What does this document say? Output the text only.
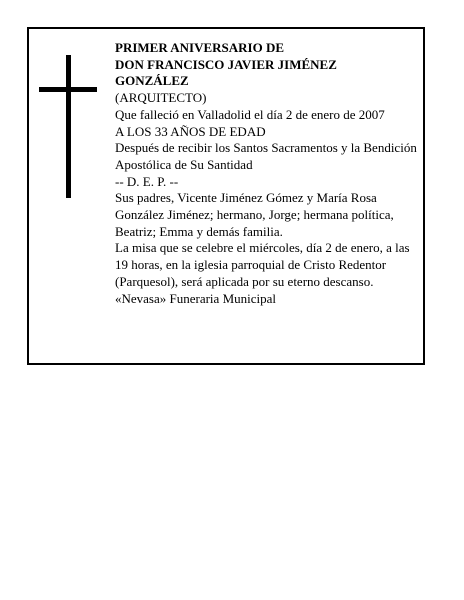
PRIMER ANIVERSARIO DE

DON FRANCISCO JAVIER JIMÉNEZ

GONZÁLEZ

(ARQUITECTO)

Que falleció en Valladolid el día 2 de enero de 2007

A LOS 33 AÑOS DE EDAD

Después de recibir los Santos Sacramentos y la Bendición Apostólica de Su Santidad

-- D. E. P. --

Sus padres, Vicente Jiménez Gómez y María Rosa González Jiménez; hermano, Jorge; hermana política, Beatriz; Emma y demás familia.

La misa que se celebre el miércoles, día 2 de enero, a las 19 horas, en la iglesia parroquial de Cristo Redentor (Parquesol), será aplicada por su eterno descanso.

«Nevasa» Funeraria Municipal
